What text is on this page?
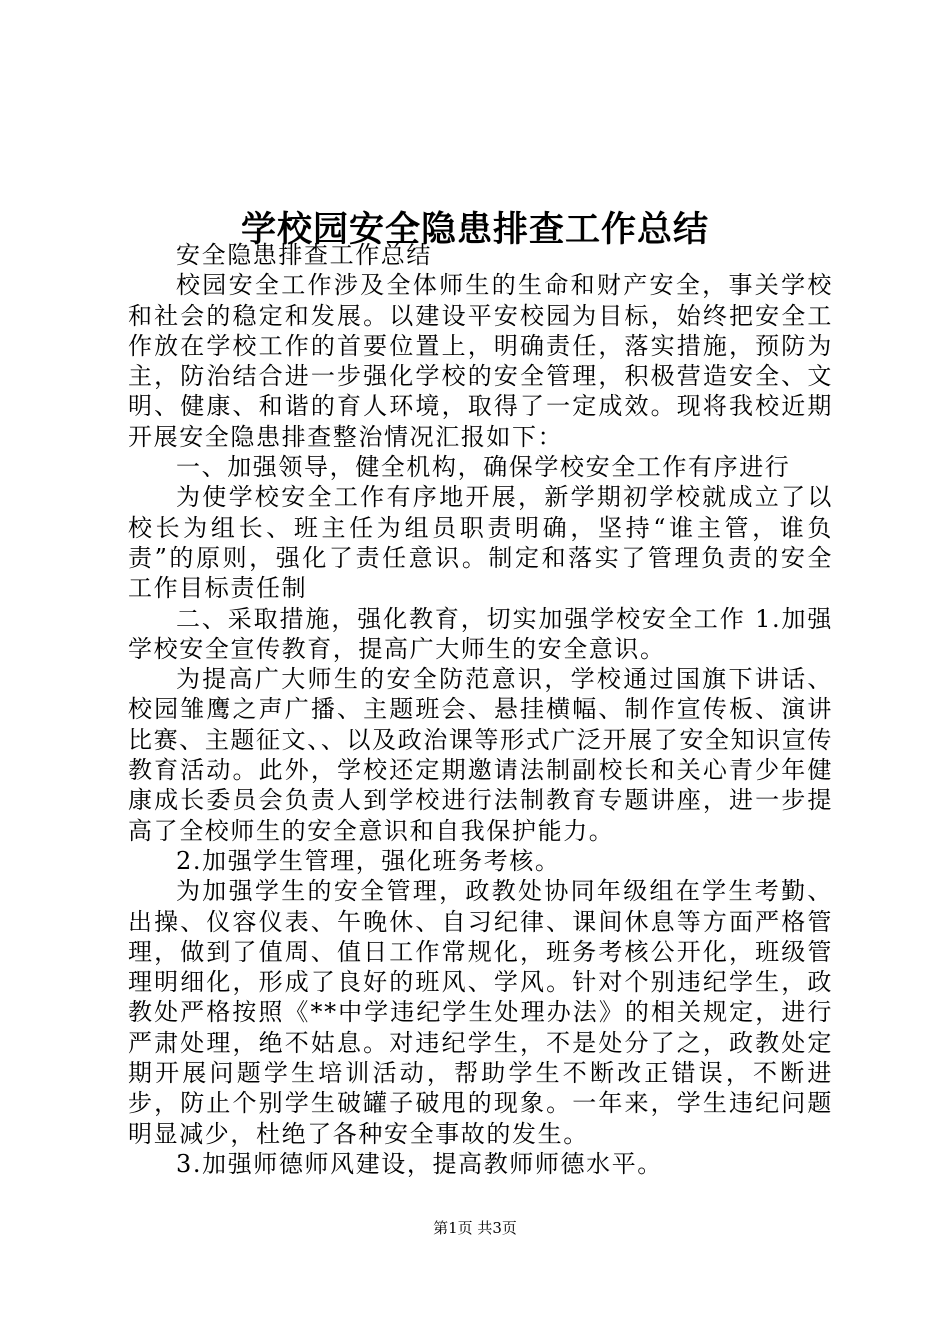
学校园安全隐患排查工作总结

安全隐患排查工作总结

校园安全工作涉及全体师生的生命和财产安全，事关学校和社会的稳定和发展。以建设平安校园为目标，始终把安全工作放在学校工作的首要位置上，明确责任，落实措施，预防为主，防治结合进一步强化学校的安全管理，积极营造安全、文明、健康、和谐的育人环境，取得了一定成效。现将我校近期开展安全隐患排查整治情况汇报如下：

一、加强领导，健全机构，确保学校安全工作有序进行

为使学校安全工作有序地开展，新学期初学校就成立了以校长为组长、班主任为组员职责明确，坚持“谁主管，谁负责”的原则，强化了责任意识。制定和落实了管理负责的安全工作目标责任制

二、采取措施，强化教育，切实加强学校安全工作 1.加强学校安全宣传教育，提高广大师生的安全意识。

为提高广大师生的安全防范意识，学校通过国旗下讲话、校园雏鹰之声广播、主题班会、悬挂横幅、制作宣传板、演讲比赛、主题征文、、以及政治课等形式广泛开展了安全知识宣传教育活动。此外，学校还定期邀请法制副校长和关心青少年健康成长委员会负责人到学校进行法制教育专题讲座，进一步提高了全校师生的安全意识和自我保护能力。

2.加强学生管理，强化班务考核。

为加强学生的安全管理，政教处协同年级组在学生考勤、出操、仪容仪表、午晚休、自习纪律、课间休息等方面严格管理，做到了值周、值日工作常规化，班务考核公开化，班级管理明细化，形成了良好的班风、学风。针对个别违纪学生，政教处严格按照《**中学违纪学生处理办法》的相关规定，进行严肃处理，绝不姑息。对违纪学生，不是处分了之，政教处定期开展问题学生培训活动，帮助学生不断改正错误，不断进步，防止个别学生破罐子破甩的现象。一年来，学生违纪问题明显减少，杜绝了各种安全事故的发生。

3.加强师德师风建设，提高教师师德水平。

第1页 共3页
